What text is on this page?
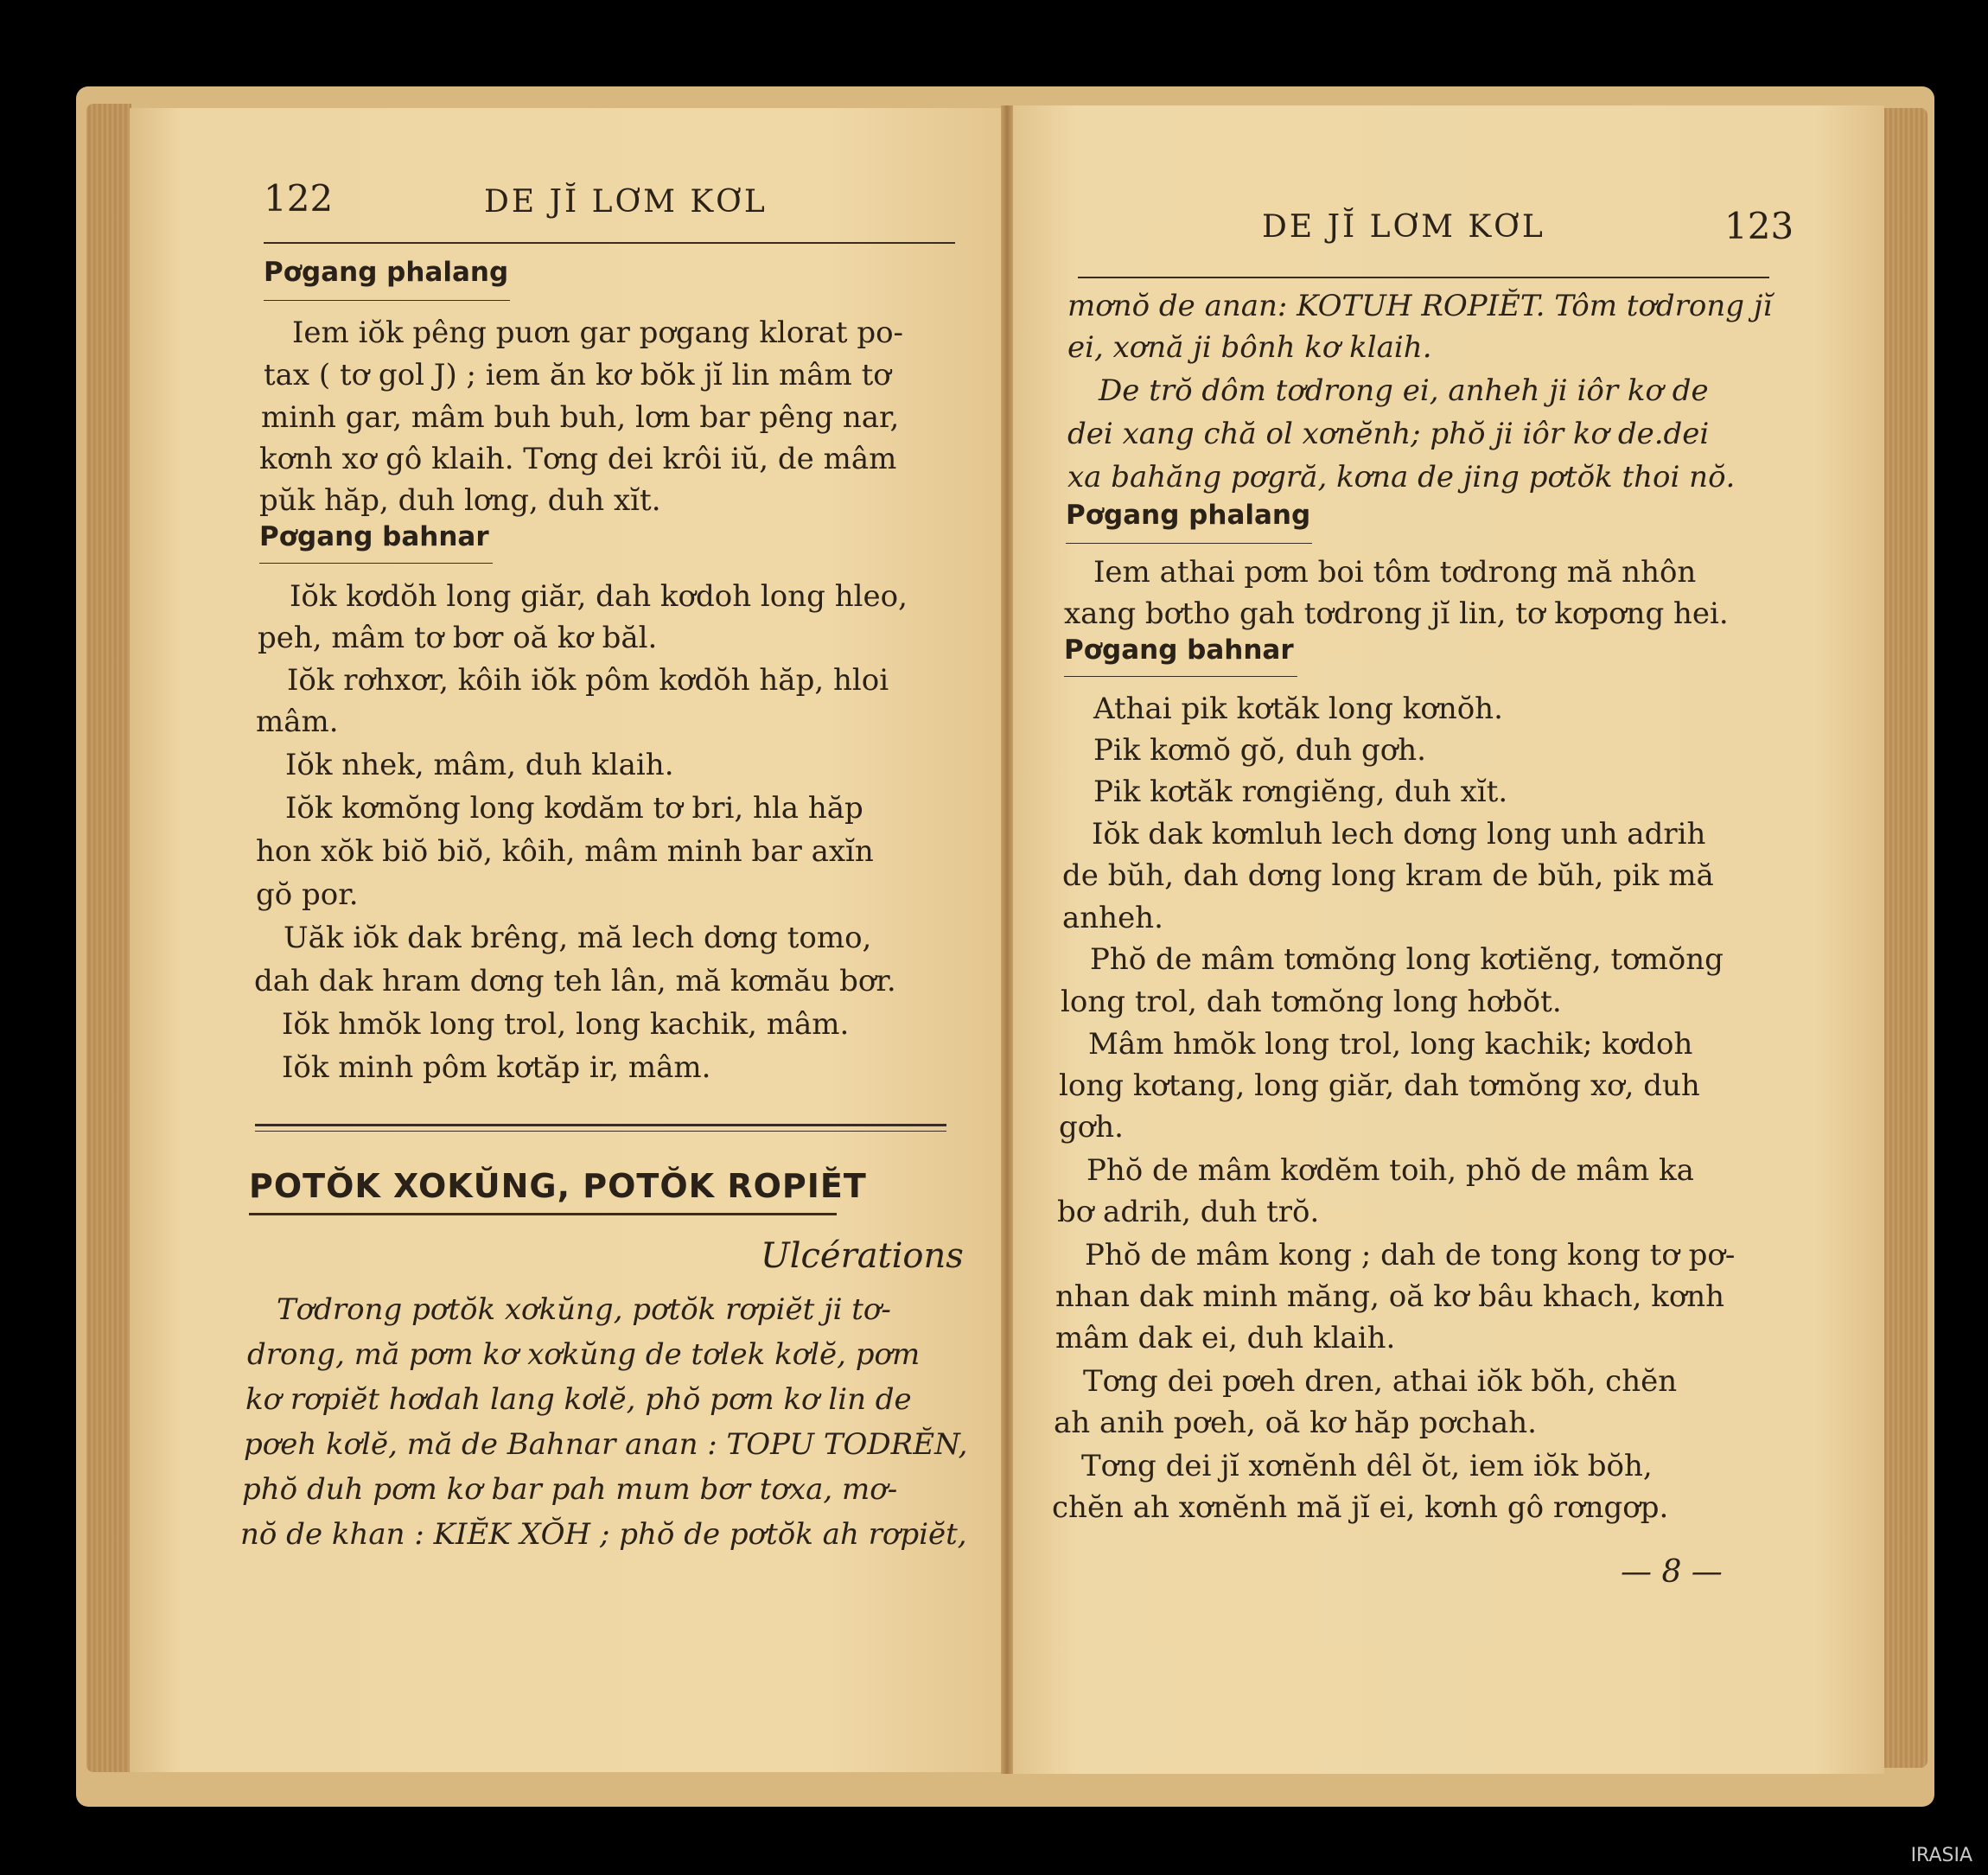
122	DE JĬ LƠM KƠL
Pơgang phalang
Iem iŏk pêng puơn gar pơgang klorat po-
tax ( tơ gol J) ; iem ăn kơ bŏk jĭ lin mâm tơ
minh gar, mâm buh buh, lơm bar pêng nar,
kơnh xơ gô klaih. Tơng dei krôi iŭ, de mâm
pŭk hăp, duh lơng, duh xĭt.
Pơgang bahnar
Iŏk kơdŏh long giăr, dah kơdoh long hleo,
peh, mâm tơ bơr oă kơ băl.
Iŏk rơhxơr, kôih iŏk pôm kơdŏh hăp, hloi
mâm.
Iŏk nhek, mâm, duh klaih.
Iŏk kơmŏng long kơdăm tơ bri, hla hăp
hon xŏk biŏ biŏ, kôih, mâm minh bar axĭn
gŏ por.
Uăk iŏk dak brêng, mă lech dơng tomo,
dah dak hram dơng teh lân, mă kơmău bơr.
Iŏk hmŏk long trol, long kachik, mâm.
Iŏk minh pôm kơtăp ir, mâm.
POTŎK XOKŬNG, POTŎK ROPIĔT
Ulcérations
Tơdrong pơtŏk xơkŭng, pơtŏk rơpiĕt ji tơ-
drong, mă pơm kơ xơkŭng de tơlek kơlĕ, pơm
kơ rơpiĕt hơdah lang kơlĕ, phŏ pơm kơ lin de
pơeh kơlĕ, mă de Bahnar anan : TOPU TODRĔN,
phŏ duh pơm kơ bar pah mum bơr tơxa, mơ-
nŏ de khan : KIĔK XŎH ; phŏ de pơtŏk ah rơpiĕt,
DE JĬ LƠM KƠL	123
mơnŏ de anan: KOTUH ROPIĔT. Tôm tơdrong jĭ
ei, xơnă ji bônh kơ klaih.
De trŏ dôm tơdrong ei, anheh ji iôr kơ de
dei xang chă ol xơnĕnh; phŏ ji iôr kơ de.dei
xa bahăng pơgră, kơna de jing pơtŏk thoi nŏ.
Pơgang phalang
Iem athai pơm boi tôm tơdrong mă nhôn
xang bơtho gah tơdrong jĭ lin, tơ kơpơng hei.
Pơgang bahnar
Athai pik kơtăk long kơnŏh.
Pik kơmŏ gŏ, duh gơh.
Pik kơtăk rơngiĕng, duh xĭt.
Iŏk dak kơmluh lech dơng long unh adrih
de bŭh, dah dơng long kram de bŭh, pik mă
anheh.
Phŏ de mâm tơmŏng long kơtiĕng, tơmŏng
long trol, dah tơmŏng long hơbŏt.
Mâm hmŏk long trol, long kachik; kơdoh
long kơtang, long giăr, dah tơmŏng xơ, duh
gơh.
Phŏ de mâm kơdĕm toih, phŏ de mâm ka
bơ adrih, duh trŏ.
Phŏ de mâm kong ; dah de tong kong tơ pơ-
nhan dak minh măng, oă kơ bâu khach, kơnh
mâm dak ei, duh klaih.
Tơng dei pơeh dren, athai iŏk bŏh, chĕn
ah anih pơeh, oă kơ hăp pơchah.
Tơng dei jĭ xơnĕnh dêl ŏt, iem iŏk bŏh,
chĕn ah xơnĕnh mă jĭ ei, kơnh gô rơngơp.
— 8 —
IRASIA
